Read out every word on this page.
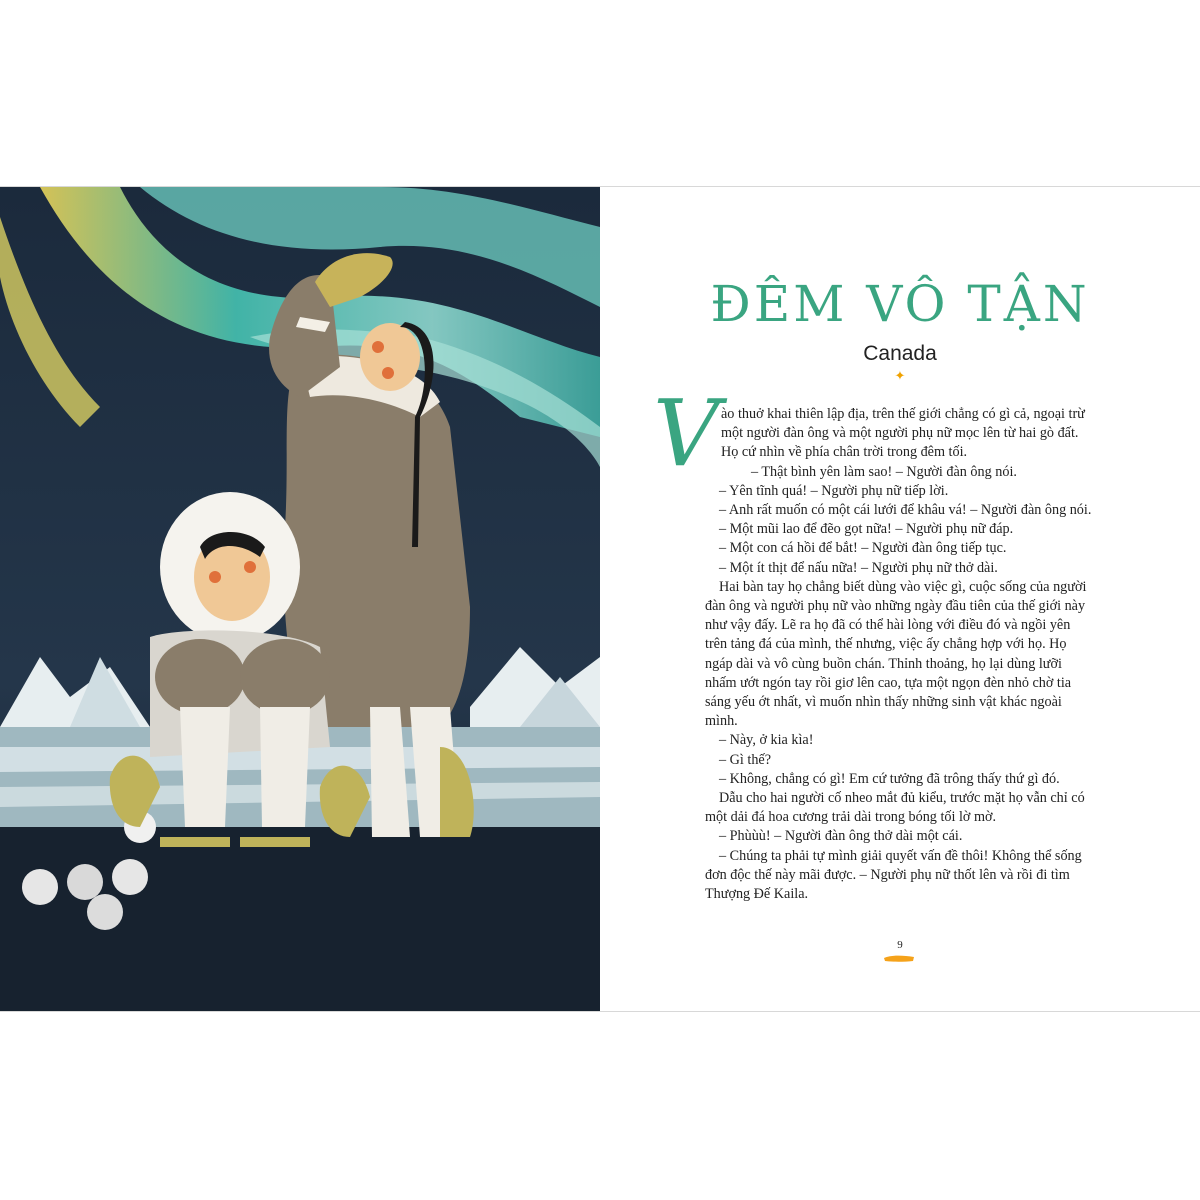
ĐÊM VÔ TẬN
Canada
✦
V ào thuở khai thiên lập địa, trên thế giới chẳng có gì cả, ngoại trừ một người đàn ông và một người phụ nữ mọc lên từ hai gò đất. Họ cứ nhìn về phía chân trời trong đêm tối.

– Thật bình yên làm sao! – Người đàn ông nói.

– Yên tĩnh quá! – Người phụ nữ tiếp lời.

– Anh rất muốn có một cái lưới để khâu vá! – Người đàn ông nói.

– Một mũi lao để đẽo gọt nữa! – Người phụ nữ đáp.

– Một con cá hồi để bắt! – Người đàn ông tiếp tục.

– Một ít thịt để nấu nữa! – Người phụ nữ thở dài.

Hai bàn tay họ chẳng biết dùng vào việc gì, cuộc sống của người đàn ông và người phụ nữ vào những ngày đầu tiên của thế giới này như vậy đấy. Lẽ ra họ đã có thể hài lòng với điều đó và ngồi yên trên tảng đá của mình, thế nhưng, việc ấy chẳng hợp với họ. Họ ngáp dài và vô cùng buồn chán. Thỉnh thoảng, họ lại dùng lưỡi nhấm ướt ngón tay rồi giơ lên cao, tựa một ngọn đèn nhỏ chờ tia sáng yếu ớt nhất, vì muốn nhìn thấy những sinh vật khác ngoài mình.

– Này, ở kia kìa!

– Gì thế?

– Không, chẳng có gì! Em cứ tưởng đã trông thấy thứ gì đó.

Dẫu cho hai người cố nheo mắt đủ kiểu, trước mặt họ vẫn chỉ có một dải đá hoa cương trải dài trong bóng tối lờ mờ.

– Phùùù! – Người đàn ông thở dài một cái.

– Chúng ta phải tự mình giải quyết vấn đề thôi! Không thể sống đơn độc thế này mãi được. – Người phụ nữ thốt lên và rồi đi tìm Thượng Đế Kaila.

9
